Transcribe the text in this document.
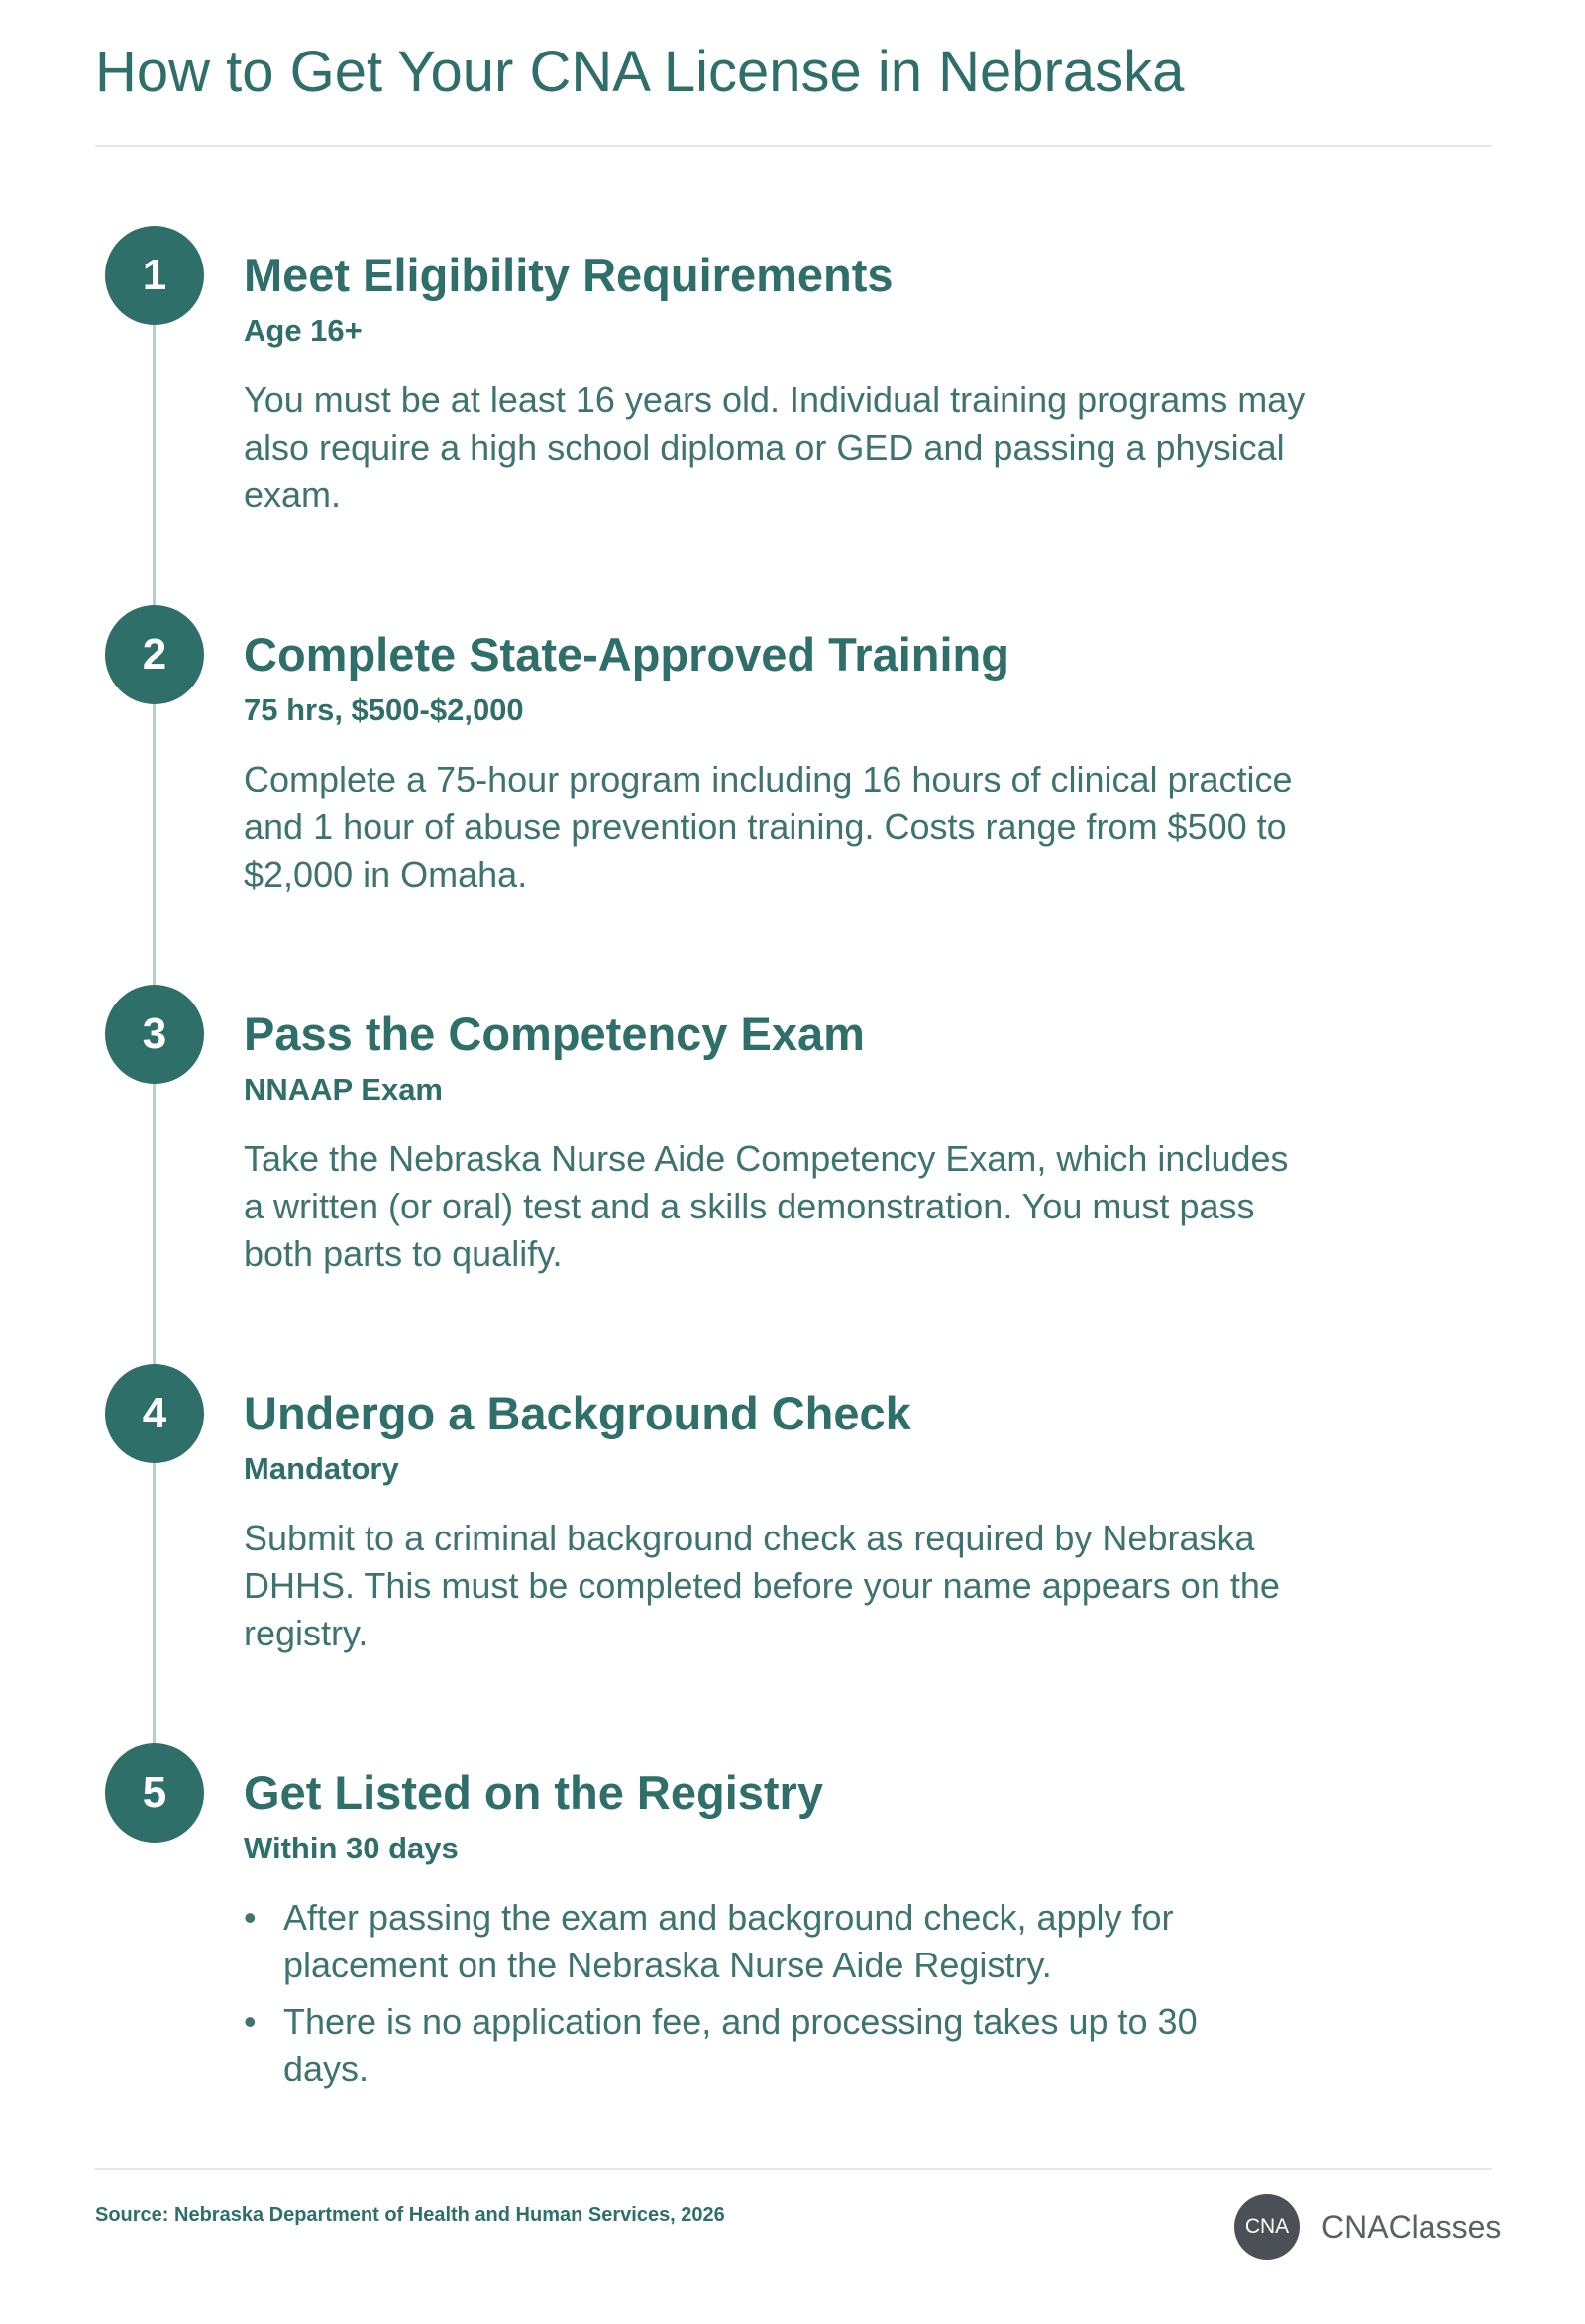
How to Get Your CNA License in Nebraska
1	Meet Eligibility Requirements
Age 16+

You must be at least 16 years old. Individual training programs may also require a high school diploma or GED and passing a physical exam.

2	Complete State-Approved Training
75 hrs, $500-$2,000

Complete a 75-hour program including 16 hours of clinical practice and 1 hour of abuse prevention training. Costs range from $500 to $2,000 in Omaha.

3	Pass the Competency Exam
NNAAP Exam

Take the Nebraska Nurse Aide Competency Exam, which includes a written (or oral) test and a skills demonstration. You must pass both parts to qualify.

4	Undergo a Background Check
Mandatory

Submit to a criminal background check as required by Nebraska DHHS. This must be completed before your name appears on the registry.

5	Get Listed on the Registry
Within 30 days
• After passing the exam and background check, apply for placement on the Nebraska Nurse Aide Registry.
• There is no application fee, and processing takes up to 30 days.
Source: Nebraska Department of Health and Human Services, 2026	CNA	CNAClasses
